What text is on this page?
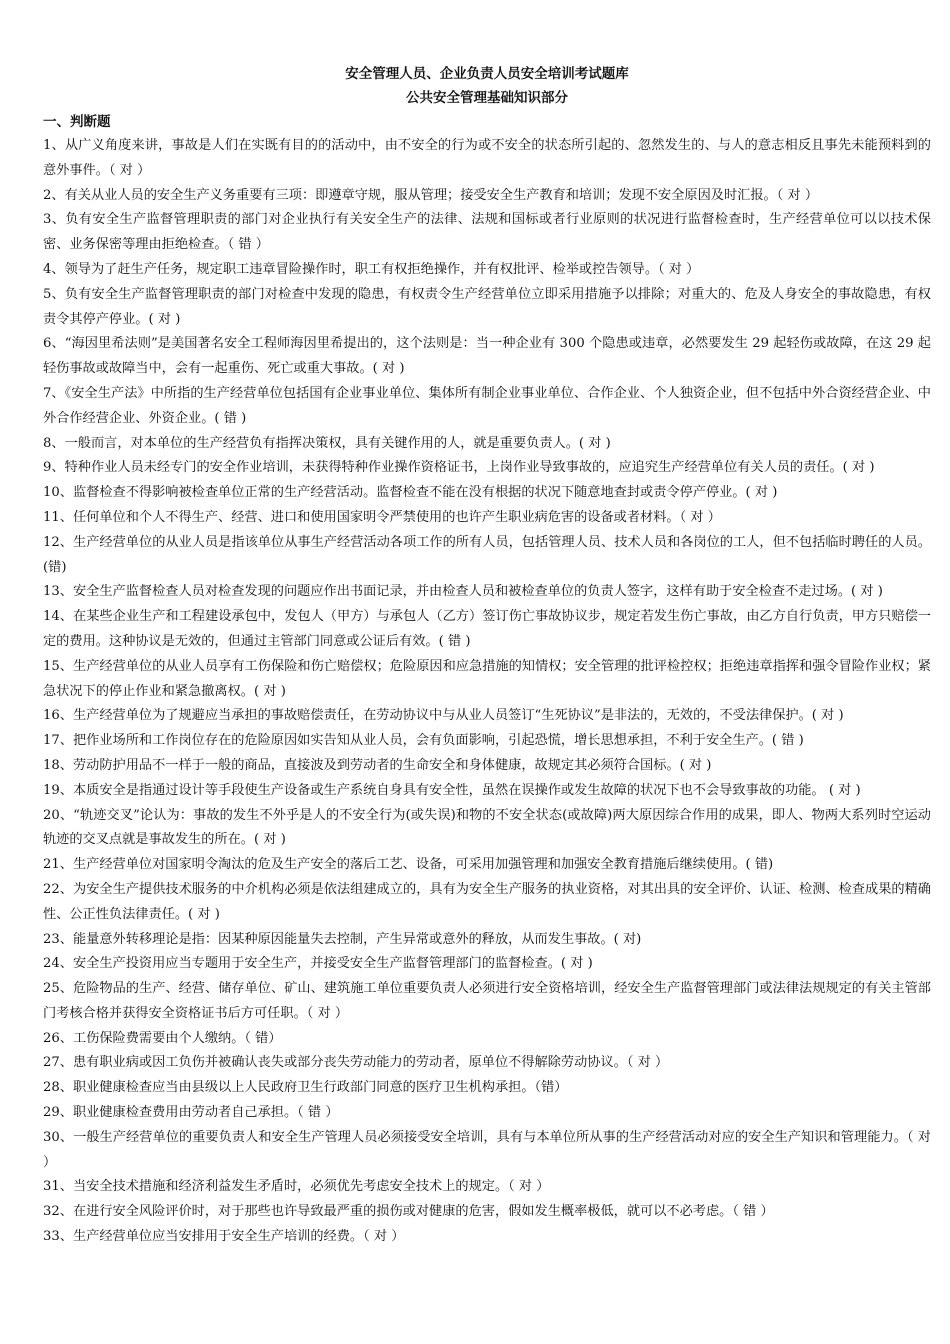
安全管理人员、企业负责人员安全培训考试题库

公共安全管理基础知识部分

一、判断题

1、从广义角度来讲，事故是人们在实既有目的的活动中，由不安全的行为或不安全的状态所引起的、忽然发生的、与人的意志相反且事先未能预料到的意外事件。（ 对 ）

2、有关从业人员的安全生产义务重要有三项：即遵章守规，服从管理；接受安全生产教育和培训；发现不安全原因及时汇报。（ 对 ）

3、负有安全生产监督管理职责的部门对企业执行有关安全生产的法律、法规和国标或者行业原则的状况进行监督检查时，生产经营单位可以以技术保密、业务保密等理由拒绝检查。（ 错 ）

4、领导为了赶生产任务，规定职工违章冒险操作时，职工有权拒绝操作，并有权批评、检举或控告领导。（ 对 ）

5、负有安全生产监督管理职责的部门对检查中发现的隐患，有权责令生产经营单位立即采用措施予以排除；对重大的、危及人身安全的事故隐患，有权责令其停产停业。( 对 )

6、“海因里希法则”是美国著名安全工程师海因里希提出的，这个法则是：当一种企业有 300 个隐患或违章，必然要发生 29 起轻伤或故障，在这 29 起轻伤事故或故障当中，会有一起重伤、死亡或重大事故。( 对 )

7、《安全生产法》中所指的生产经营单位包括国有企业事业单位、集体所有制企业事业单位、合作企业、个人独资企业，但不包括中外合资经营企业、中外合作经营企业、外资企业。( 错 )

8、一般而言，对本单位的生产经营负有指挥决策权，具有关键作用的人，就是重要负责人。( 对 )

9、特种作业人员未经专门的安全作业培训，未获得特种作业操作资格证书，上岗作业导致事故的，应追究生产经营单位有关人员的责任。( 对 )

10、监督检查不得影响被检查单位正常的生产经营活动。监督检查不能在没有根据的状况下随意地查封或责令停产停业。( 对 )

11、任何单位和个人不得生产、经营、进口和使用国家明令严禁使用的也许产生职业病危害的设备或者材料。（ 对 ）

12、生产经营单位的从业人员是指该单位从事生产经营活动各项工作的所有人员，包括管理人员、技术人员和各岗位的工人，但不包括临时聘任的人员。(错)

13、安全生产监督检查人员对检查发现的问题应作出书面记录，并由检查人员和被检查单位的负责人签字，这样有助于安全检查不走过场。( 对 )

14、在某些企业生产和工程建设承包中，发包人（甲方）与承包人（乙方）签订伤亡事故协议步，规定若发生伤亡事故，由乙方自行负责，甲方只赔偿一定的费用。这种协议是无效的，但通过主管部门同意或公证后有效。( 错 )

15、生产经营单位的从业人员享有工伤保险和伤亡赔偿权；危险原因和应急措施的知情权；安全管理的批评检控权；拒绝违章指挥和强令冒险作业权；紧急状况下的停止作业和紧急撤离权。( 对 )

16、生产经营单位为了规避应当承担的事故赔偿责任，在劳动协议中与从业人员签订“生死协议”是非法的，无效的，不受法律保护。( 对 )

17、把作业场所和工作岗位存在的危险原因如实告知从业人员，会有负面影响，引起恐慌，增长思想承担，不利于安全生产。( 错 )

18、劳动防护用品不一样于一般的商品，直接波及到劳动者的生命安全和身体健康，故规定其必须符合国标。( 对 )

19、本质安全是指通过设计等手段使生产设备或生产系统自身具有安全性，虽然在误操作或发生故障的状况下也不会导致事故的功能。 ( 对 )

20、“轨迹交叉”论认为：事故的发生不外乎是人的不安全行为(或失误)和物的不安全状态(或故障)两大原因综合作用的成果，即人、物两大系列时空运动轨迹的交叉点就是事故发生的所在。( 对 )

21、生产经营单位对国家明令淘汰的危及生产安全的落后工艺、设备，可采用加强管理和加强安全教育措施后继续使用。( 错)

22、为安全生产提供技术服务的中介机构必须是依法组建成立的，具有为安全生产服务的执业资格，对其出具的安全评价、认证、检测、检查成果的精确性、公正性负法律责任。( 对 )

23、能量意外转移理论是指：因某种原因能量失去控制，产生异常或意外的释放，从而发生事故。( 对)

24、安全生产投资用应当专题用于安全生产，并接受安全生产监督管理部门的监督检查。( 对 )

25、危险物品的生产、经营、储存单位、矿山、建筑施工单位重要负责人必须进行安全资格培训，经安全生产监督管理部门或法律法规规定的有关主管部门考核合格并获得安全资格证书后方可任职。（ 对 ）

26、工伤保险费需要由个人缴纳。（ 错）

27、患有职业病或因工负伤并被确认丧失或部分丧失劳动能力的劳动者，原单位不得解除劳动协议。（ 对 ）

28、职业健康检查应当由县级以上人民政府卫生行政部门同意的医疗卫生机构承担。（错）

29、职业健康检查费用由劳动者自己承担。（ 错 ）

30、一般生产经营单位的重要负责人和安全生产管理人员必须接受安全培训，具有与本单位所从事的生产经营活动对应的安全生产知识和管理能力。（ 对 ）

31、当安全技术措施和经济利益发生矛盾时，必须优先考虑安全技术上的规定。（ 对 ）

32、在进行安全风险评价时，对于那些也许导致最严重的损伤或对健康的危害，假如发生概率极低，就可以不必考虑。（ 错 ）

33、生产经营单位应当安排用于安全生产培训的经费。（ 对 ）
